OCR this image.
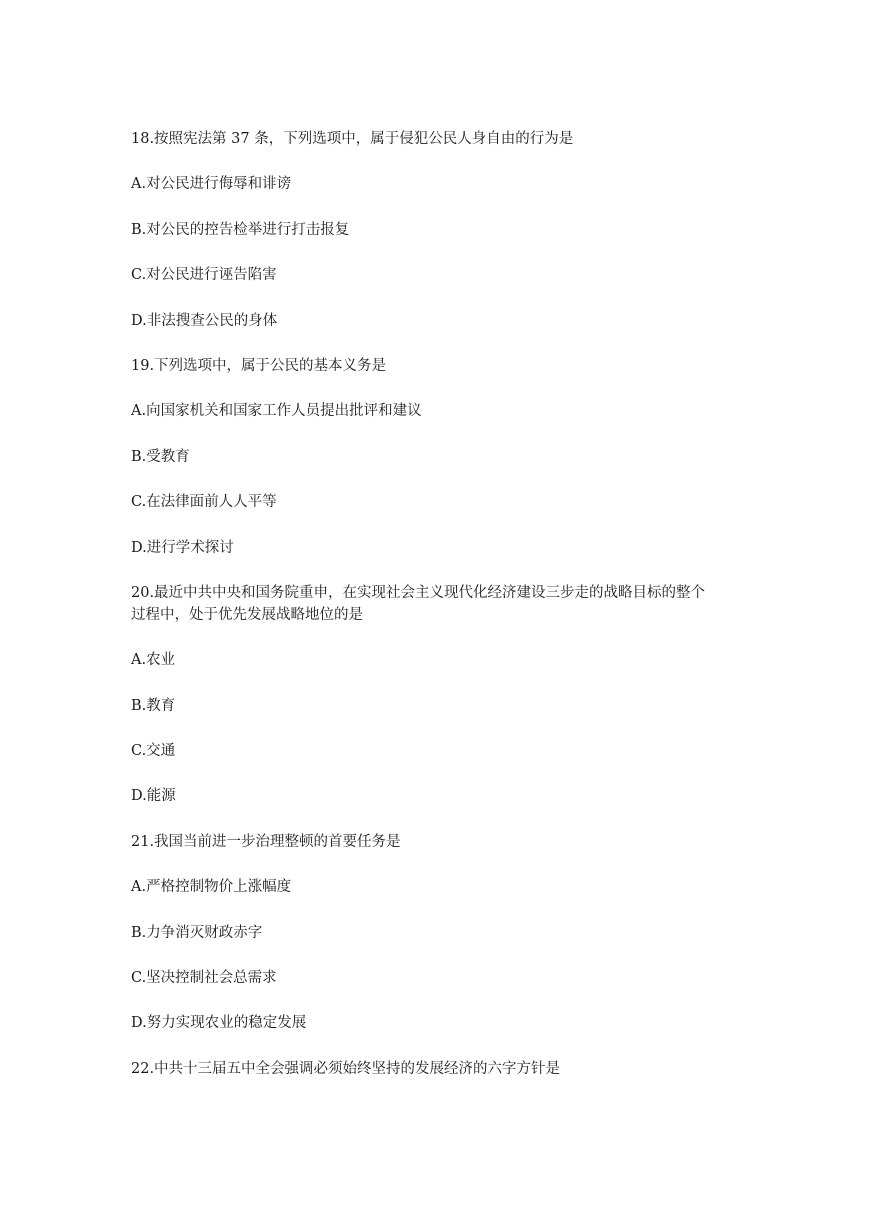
18.按照宪法第 37 条，下列选项中，属于侵犯公民人身自由的行为是
A.对公民进行侮辱和诽谤
B.对公民的控告检举进行打击报复
C.对公民进行诬告陷害
D.非法搜查公民的身体
19.下列选项中，属于公民的基本义务是
A.向国家机关和国家工作人员提出批评和建议
B.受教育
C.在法律面前人人平等
D.进行学术探讨
20.最近中共中央和国务院重申，在实现社会主义现代化经济建设三步走的战略目标的整个
过程中，处于优先发展战略地位的是
A.农业
B.教育
C.交通
D.能源
21.我国当前进一步治理整顿的首要任务是
A.严格控制物价上涨幅度
B.力争消灭财政赤字
C.坚决控制社会总需求
D.努力实现农业的稳定发展
22.中共十三届五中全会强调必须始终坚持的发展经济的六字方针是
